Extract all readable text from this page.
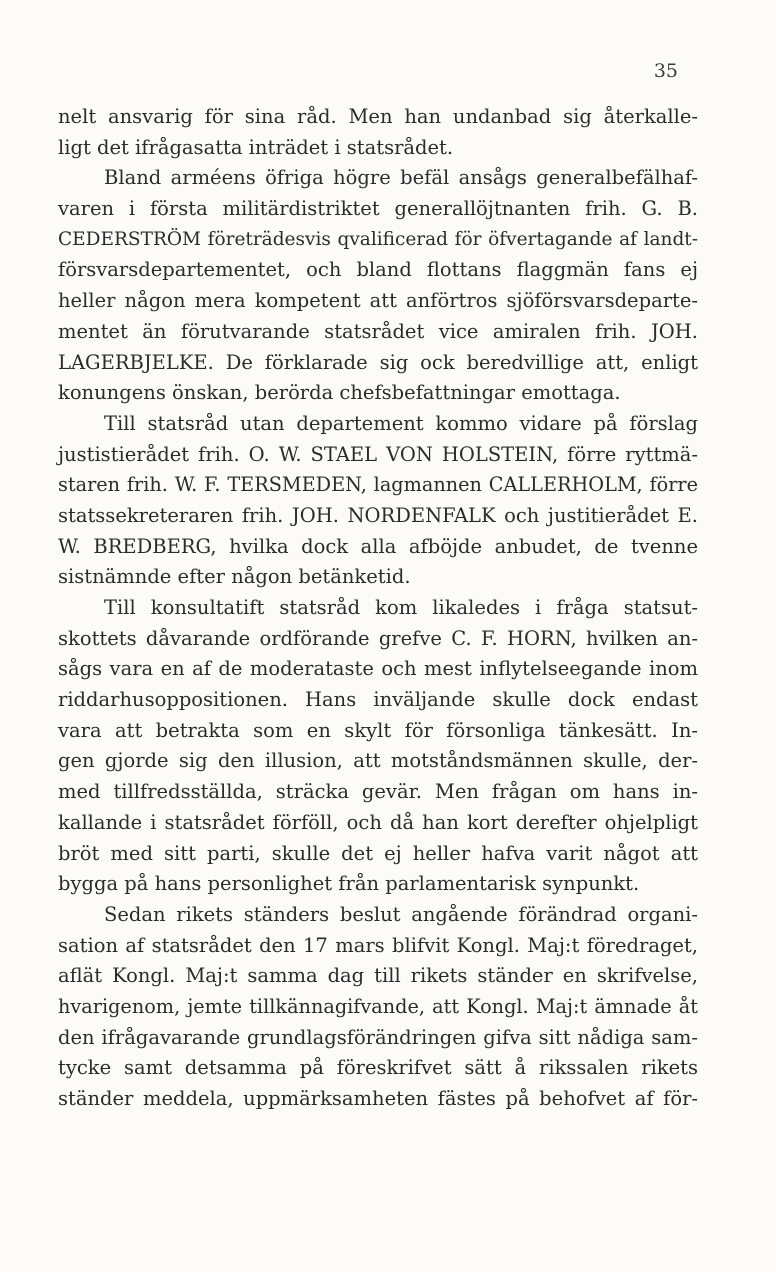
35
nelt ansvarig för sina råd. Men han undanbad sig återkalle-
ligt det ifrågasatta inträdet i statsrådet.
Bland arméens öfriga högre befäl ansågs generalbefälhaf-
varen i första militärdistriktet generallöjtnanten frih. G. B.
CEDERSTRÖM företrädesvis qvalificerad för öfvertagande af landt-
försvarsdepartementet, och bland flottans flaggmän fans ej
heller någon mera kompetent att anförtros sjöförsvarsdeparte-
mentet än förutvarande statsrådet vice amiralen frih. JOH.
LAGERBJELKE. De förklarade sig ock beredvillige att, enligt
konungens önskan, berörda chefsbefattningar emottaga.
Till statsråd utan departement kommo vidare på förslag
justistierådet frih. O. W. STAEL VON HOLSTEIN, förre ryttmä-
staren frih. W. F. TERSMEDEN, lagmannen CALLERHOLM, förre
statssekreteraren frih. JOH. NORDENFALK och justitierådet E.
W. BREDBERG, hvilka dock alla afböjde anbudet, de tvenne
sistnämnde efter någon betänketid.
Till konsultatift statsråd kom likaledes i fråga statsut-
skottets dåvarande ordförande grefve C. F. HORN, hvilken an-
sågs vara en af de moderataste och mest inflytelseegande inom
riddarhusoppositionen. Hans inväljande skulle dock endast
vara att betrakta som en skylt för försonliga tänkesätt. In-
gen gjorde sig den illusion, att motståndsmännen skulle, der-
med tillfredsställda, sträcka gevär. Men frågan om hans in-
kallande i statsrådet förföll, och då han kort derefter ohjelpligt
bröt med sitt parti, skulle det ej heller hafva varit något att
bygga på hans personlighet från parlamentarisk synpunkt.
Sedan rikets ständers beslut angående förändrad organi-
sation af statsrådet den 17 mars blifvit Kongl. Maj:t föredraget,
aflät Kongl. Maj:t samma dag till rikets ständer en skrifvelse,
hvarigenom, jemte tillkännagifvande, att Kongl. Maj:t ämnade åt
den ifrågavarande grundlagsförändringen gifva sitt nådiga sam-
tycke samt detsamma på föreskrifvet sätt å rikssalen rikets
ständer meddela, uppmärksamheten fästes på behofvet af för-
